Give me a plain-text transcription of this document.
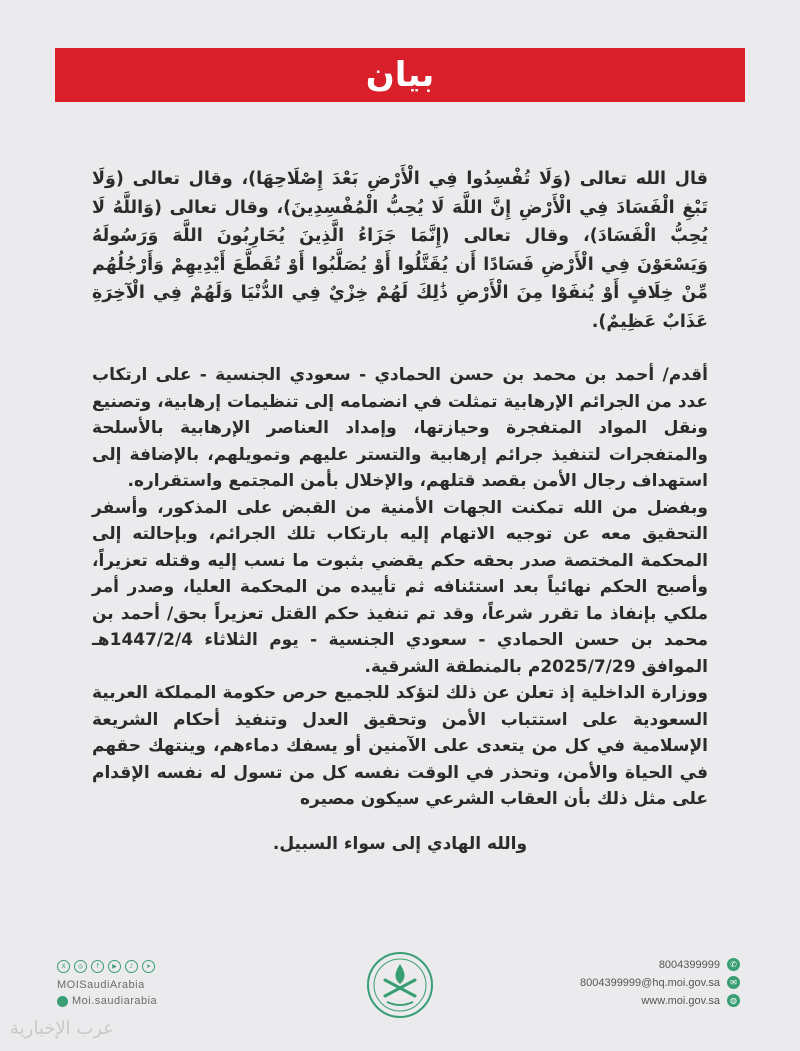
بيان

قال الله تعالى (وَلَا تُفْسِدُوا فِي الْأَرْضِ بَعْدَ إِصْلَاحِهَا)، وقال تعالى (وَلَا تَبْغِ الْفَسَادَ فِي الْأَرْضِ إِنَّ اللَّهَ لَا يُحِبُّ الْمُفْسِدِينَ)، وقال تعالى (وَاللَّهُ لَا يُحِبُّ الْفَسَادَ)، وقال تعالى (إِنَّمَا جَزَاءُ الَّذِينَ يُحَارِبُونَ اللَّهَ وَرَسُولَهُ وَيَسْعَوْنَ فِي الْأَرْضِ فَسَادًا أَن يُقَتَّلُوا أَوْ يُصَلَّبُوا أَوْ تُقَطَّعَ أَيْدِيهِمْ وَأَرْجُلُهُم مِّنْ خِلَافٍ أَوْ يُنفَوْا مِنَ الْأَرْضِ ذَٰلِكَ لَهُمْ خِزْيٌ فِي الدُّنْيَا وَلَهُمْ فِي الْآخِرَةِ عَذَابٌ عَظِيمٌ).

أقدم/ أحمد بن محمد بن حسن الحمادي - سعودي الجنسية - على ارتكاب عدد من الجرائم الإرهابية تمثلت في انضمامه إلى تنظيمات إرهابية، وتصنيع ونقل المواد المتفجرة وحيازتها، وإمداد العناصر الإرهابية بالأسلحة والمتفجرات لتنفيذ جرائم إرهابية والتستر عليهم وتمويلهم، بالإضافة إلى استهداف رجال الأمن بقصد قتلهم، والإخلال بأمن المجتمع واستقراره.

وبفضل من الله تمكنت الجهات الأمنية من القبض على المذكور، وأسفر التحقيق معه عن توجيه الاتهام إليه بارتكاب تلك الجرائم، وبإحالته إلى المحكمة المختصة صدر بحقه حكم يقضي بثبوت ما نسب إليه وقتله تعزيراً، وأصبح الحكم نهائياً بعد استئنافه ثم تأييده من المحكمة العليا، وصدر أمر ملكي بإنفاذ ما تقرر شرعاً، وقد تم تنفيذ حكم القتل تعزيراً بحق/ أحمد بن محمد بن حسن الحمادي - سعودي الجنسية - يوم الثلاثاء 1447/2/4هـ الموافق 2025/7/29م بالمنطقة الشرقية.

ووزارة الداخلية إذ تعلن عن ذلك لتؤكد للجميع حرص حكومة المملكة العربية السعودية على استتباب الأمن وتحقيق العدل وتنفيذ أحكام الشريعة الإسلامية في كل من يتعدى على الآمنين أو يسفك دماءهم، وينتهك حقهم في الحياة والأمن، وتحذر في الوقت نفسه كل من تسول له نفسه الإقدام على مثل ذلك بأن العقاب الشرعي سيكون مصيره

والله الهادي إلى سواء السبيل.

X	◎	f	▶	♪	➤
MOISaudiArabia
Moi.saudiarabia
8004399999	✆
8004399999@hq.moi.gov.sa	✉
www.moi.gov.sa	◍
عرب الإخبارية
